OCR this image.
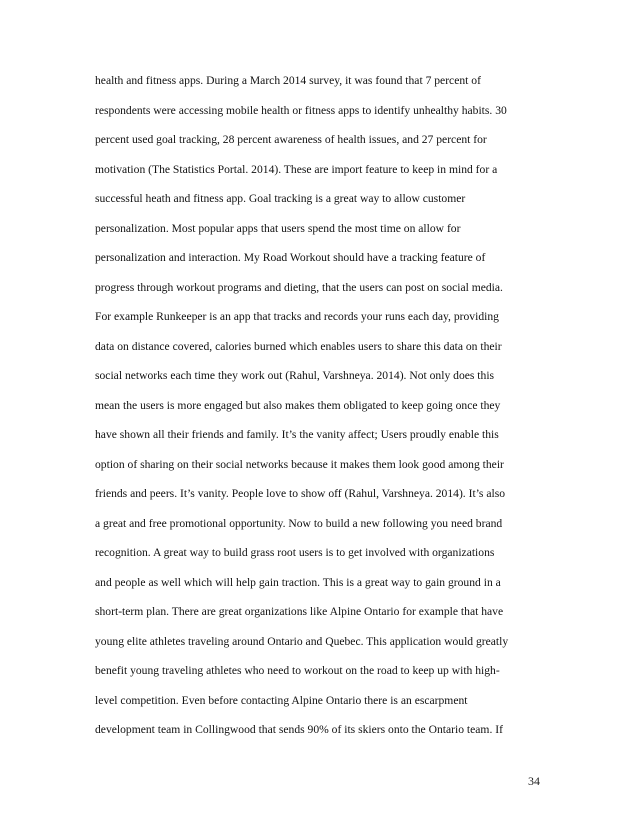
health and fitness apps. During a March 2014 survey, it was found that 7 percent of
respondents were accessing mobile health or fitness apps to identify unhealthy habits. 30
percent used goal tracking, 28 percent awareness of health issues, and 27 percent for
motivation (The Statistics Portal. 2014). These are import feature to keep in mind for a
successful heath and fitness app. Goal tracking is a great way to allow customer
personalization. Most popular apps that users spend the most time on allow for
personalization and interaction. My Road Workout should have a tracking feature of
progress through workout programs and dieting, that the users can post on social media.
For example Runkeeper is an app that tracks and records your runs each day, providing
data on distance covered, calories burned which enables users to share this data on their
social networks each time they work out (Rahul, Varshneya. 2014). Not only does this
mean the users is more engaged but also makes them obligated to keep going once they
have shown all their friends and family. It’s the vanity affect; Users proudly enable this
option of sharing on their social networks because it makes them look good among their
friends and peers. It’s vanity. People love to show off (Rahul, Varshneya. 2014). It’s also
a great and free promotional opportunity. Now to build a new following you need brand
recognition. A great way to build grass root users is to get involved with organizations
and people as well which will help gain traction. This is a great way to gain ground in a
short-term plan. There are great organizations like Alpine Ontario for example that have
young elite athletes traveling around Ontario and Quebec. This application would greatly
benefit young traveling athletes who need to workout on the road to keep up with high-
level competition. Even before contacting Alpine Ontario there is an escarpment
development team in Collingwood that sends 90% of its skiers onto the Ontario team. If
34
